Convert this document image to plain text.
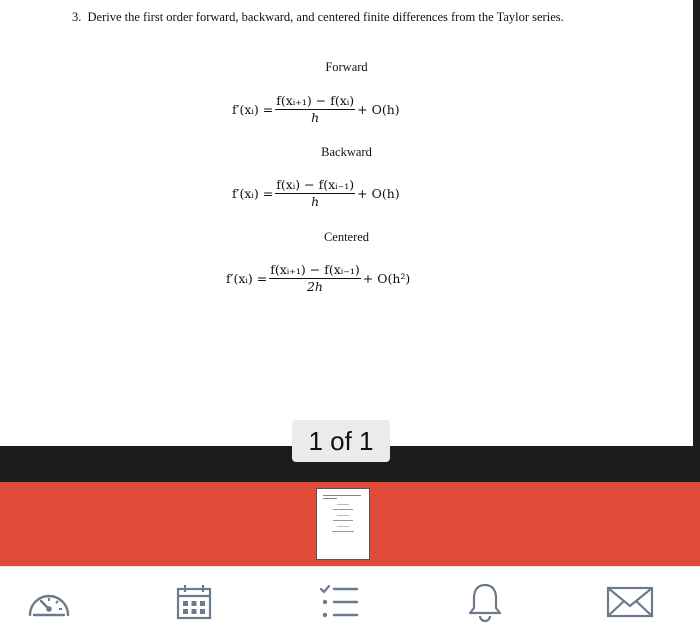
3. Derive the first order forward, backward, and centered finite differences from the Taylor series.
Forward
f′(xᵢ) = $\frac{\text{f(xᵢ₊₁) − f(xᵢ)}}{h} + O(h)$
Backward
f′(xᵢ) = $\frac{\text{f(xᵢ) − f(xᵢ₋₁)}}{h} + O(h)$
Centered
f′(xᵢ) = $\frac{\text{f(xᵢ₊₁) − f(xᵢ₋₁)}}{2h} + O(h^2)$
1 of 1
